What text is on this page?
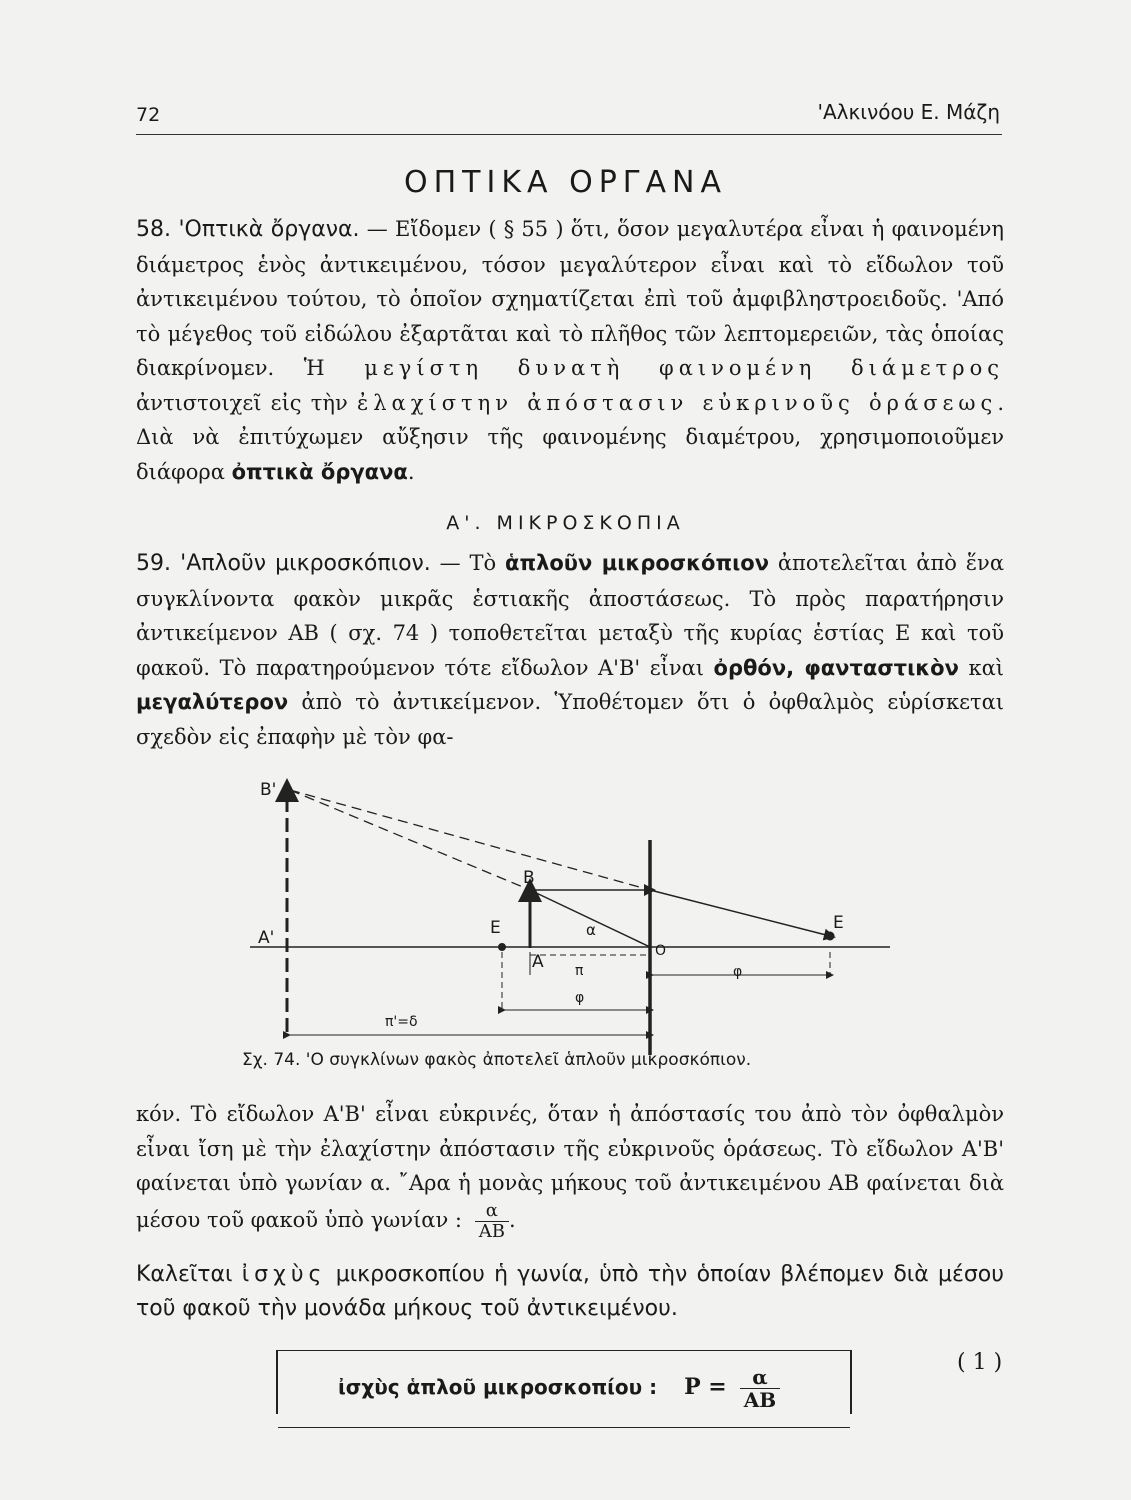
72	'Αλκινόου Ε. Μάζη
ΟΠΤΙΚΑ ΟΡΓΑΝΑ
58. 'Οπτικὰ ὄργανα. — Εἴδομεν ( § 55 ) ὅτι, ὅσον μεγαλυτέρα εἶναι ἡ φαινομένη διάμετρος ἑνὸς ἀντικειμένου, τόσον μεγαλύτερον εἶναι καὶ τὸ εἴδωλον τοῦ ἀντικειμένου τούτου, τὸ ὁποῖον σχηματίζεται ἐπὶ τοῦ ἀμφιβληστροειδοῦς. 'Από τὸ μέγεθος τοῦ εἰδώλου ἐξαρτᾶται καὶ τὸ πλῆθος τῶν λεπτομερειῶν, τὰς ὁποίας διακρίνομεν. Ἡ μεγίστη δυνατὴ φαινομένη διάμετρος ἀντιστοιχεῖ εἰς τὴν ἐλαχίστην ἀπόστασιν εὐκρινοῦς ὁράσεως. Διὰ νὰ ἐπιτύχωμεν αὔξησιν τῆς φαινομένης διαμέτρου, χρησιμοποιοῦμεν διάφορα ὀπτικὰ ὄργανα.
Α'. ΜΙΚΡΟΣΚΟΠΙΑ
59. 'Απλοῦν μικροσκόπιον. — Τὸ ἁπλοῦν μικροσκόπιον ἀποτελεῖται ἀπὸ ἕνα συγκλίνοντα φακὸν μικρᾶς ἑστιακῆς ἀποστάσεως. Τὸ πρὸς παρατήρησιν ἀντικείμενον ΑΒ ( σχ. 74 ) τοποθετεῖται μεταξὺ τῆς κυρίας ἑστίας Ε καὶ τοῦ φακοῦ. Τὸ παρατηρούμενον τότε εἴδωλον Α'Β' εἶναι ὀρθόν, φανταστικὸν καὶ μεγαλύτερον ἀπὸ τὸ ἀντικείμενον. Ὑποθέτομεν ὅτι ὁ ὀφθαλμὸς εὑρίσκεται σχεδὸν εἰς ἐπαφὴν μὲ τὸν φα-
B'
A'
B
A
E	E
α
O
π	φ
φ
π'=δ
Σχ. 74. 'Ο συγκλίνων φακὸς ἀποτελεῖ ἁπλοῦν μικροσκόπιον.
κόν. Τὸ εἴδωλον Α'Β' εἶναι εὐκρινές, ὅταν ἡ ἀπόστασίς του ἀπὸ τὸν ὀφθαλμὸν εἶναι ἴση μὲ τὴν ἐλαχίστην ἀπόστασιν τῆς εὐκρινοῦς ὁράσεως. Τὸ εἴδωλον Α'Β' φαίνεται ὑπὸ γωνίαν α. ῎Αρα ἡ μονὰς μήκους τοῦ ἀντικειμένου ΑΒ φαίνεται διὰ μέσου τοῦ φακοῦ ὑπὸ γωνίαν : $\frac{\alpha}{AB}$ .
Καλεῖται ἰσχὺς μικροσκοπίου ἡ γωνία, ὑπὸ τὴν ὁποίαν βλέπομεν διὰ μέσου τοῦ φακοῦ τὴν μονάδα μήκους τοῦ ἀντικειμένου.
ἰσχὺς ἁπλοῦ μικροσκοπίου : $P = \frac{\alpha}{AB}$
( 1 )
